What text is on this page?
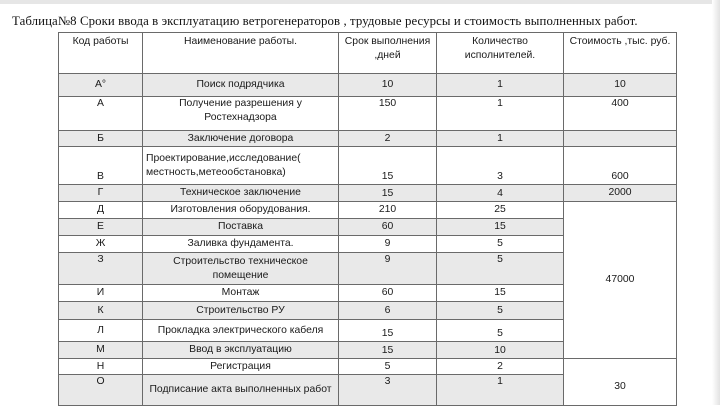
Таблица№8 Сроки ввода в эксплуатацию ветрогенераторов , трудовые ресурсы и стоимость выполненных работ.
Код работы	Наименование работы.	Срок выполнения ,дней	Количество исполнителей.	Стоимость ,тыс. руб.
А°	Поиск подрядчика	10	1	10
А	Получение разрешения у Ростехнадзора	150	1	400
Б	Заключение договора	2	1	
В	Проектирование,исследование( местность,метеообстановка)	15	3	600
Г	Техническое заключение	15	4	2000
Д	Изготовления оборудования.	210	25	47000
Е	Поставка	60	15	
Ж	Заливка фундамента.	9	5	
З	Строительство техническое помещение	9	5	
И	Монтаж	60	15	
К	Строительство РУ	6	5	
Л	Прокладка электрического кабеля	15	5	
М	Ввод в эксплуатацию	15	10	
Н	Регистрация	5	2	30
О	Подписание акта выполненных работ	3	1	
